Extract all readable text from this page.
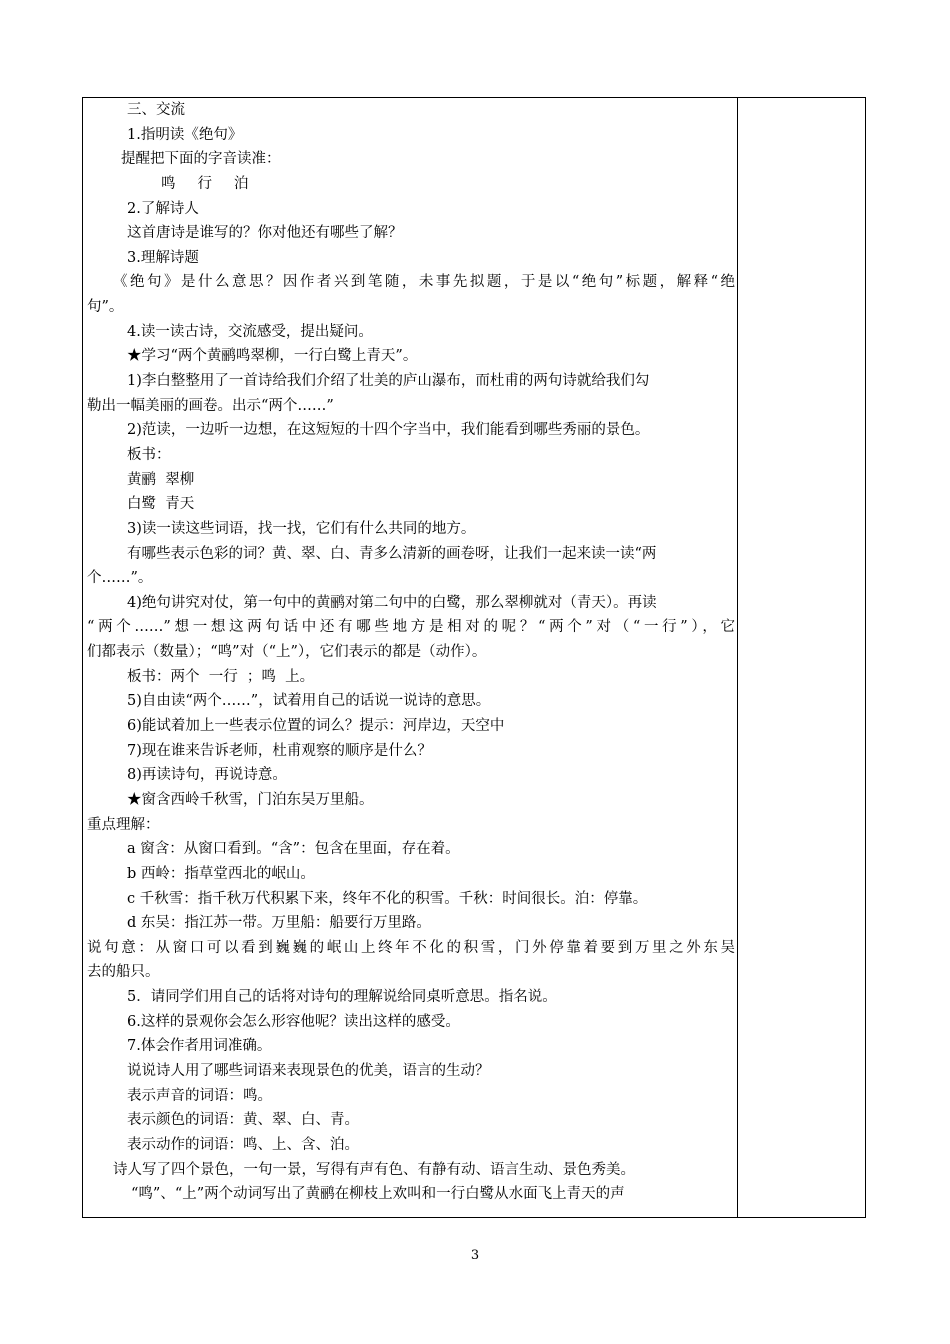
三、交流
1.指明读《绝句》
提醒把下面的字音读准：
鸣 行 泊
2.了解诗人
这首唐诗是谁写的？你对他还有哪些了解？
3.理解诗题
《绝句》是什么意思？因作者兴到笔随，未事先拟题，于是以“绝句”标题，解释“绝
句”。
4.读一读古诗，交流感受，提出疑问。
★学习“两个黄鹂鸣翠柳，一行白鹭上青天”。
1)李白整整用了一首诗给我们介绍了壮美的庐山瀑布，而杜甫的两句诗就给我们勾
勒出一幅美丽的画卷。出示“两个……”
2)范读，一边听一边想，在这短短的十四个字当中，我们能看到哪些秀丽的景色。
板书：
黄鹂  翠柳
白鹭  青天
3)读一读这些词语，找一找，它们有什么共同的地方。
有哪些表示色彩的词？黄、翠、白、青多么清新的画卷呀，让我们一起来读一读“两
个……”。
4)绝句讲究对仗，第一句中的黄鹂对第二句中的白鹭，那么翠柳就对（青天）。再读
“两个……”想一想这两句话中还有哪些地方是相对的呢？“两个”对（“一行”），它
们都表示（数量）；“鸣”对（“上”），它们表示的都是（动作）。
板书：两个  一行  ；鸣  上。
5)自由读“两个……”，试着用自己的话说一说诗的意思。
6)能试着加上一些表示位置的词么？提示：河岸边，天空中
7)现在谁来告诉老师，杜甫观察的顺序是什么？
8)再读诗句，再说诗意。
★窗含西岭千秋雪，门泊东吴万里船。
重点理解：
a 窗含：从窗口看到。“含”：包含在里面，存在着。
b 西岭：指草堂西北的岷山。
c 千秋雪：指千秋万代积累下来，终年不化的积雪。千秋：时间很长。泊：停靠。
d 东吴：指江苏一带。万里船：船要行万里路。
说句意：从窗口可以看到巍巍的岷山上终年不化的积雪，门外停靠着要到万里之外东吴
去的船只。
5．请同学们用自己的话将对诗句的理解说给同桌听意思。指名说。
6.这样的景观你会怎么形容他呢？读出这样的感受。
7.体会作者用词准确。
说说诗人用了哪些词语来表现景色的优美，语言的生动？
表示声音的词语：鸣。
表示颜色的词语：黄、翠、白、青。
表示动作的词语：鸣、上、含、泊。
诗人写了四个景色，一句一景，写得有声有色、有静有动、语言生动、景色秀美。
“鸣”、“上”两个动词写出了黄鹂在柳枝上欢叫和一行白鹭从水面飞上青天的声
3
